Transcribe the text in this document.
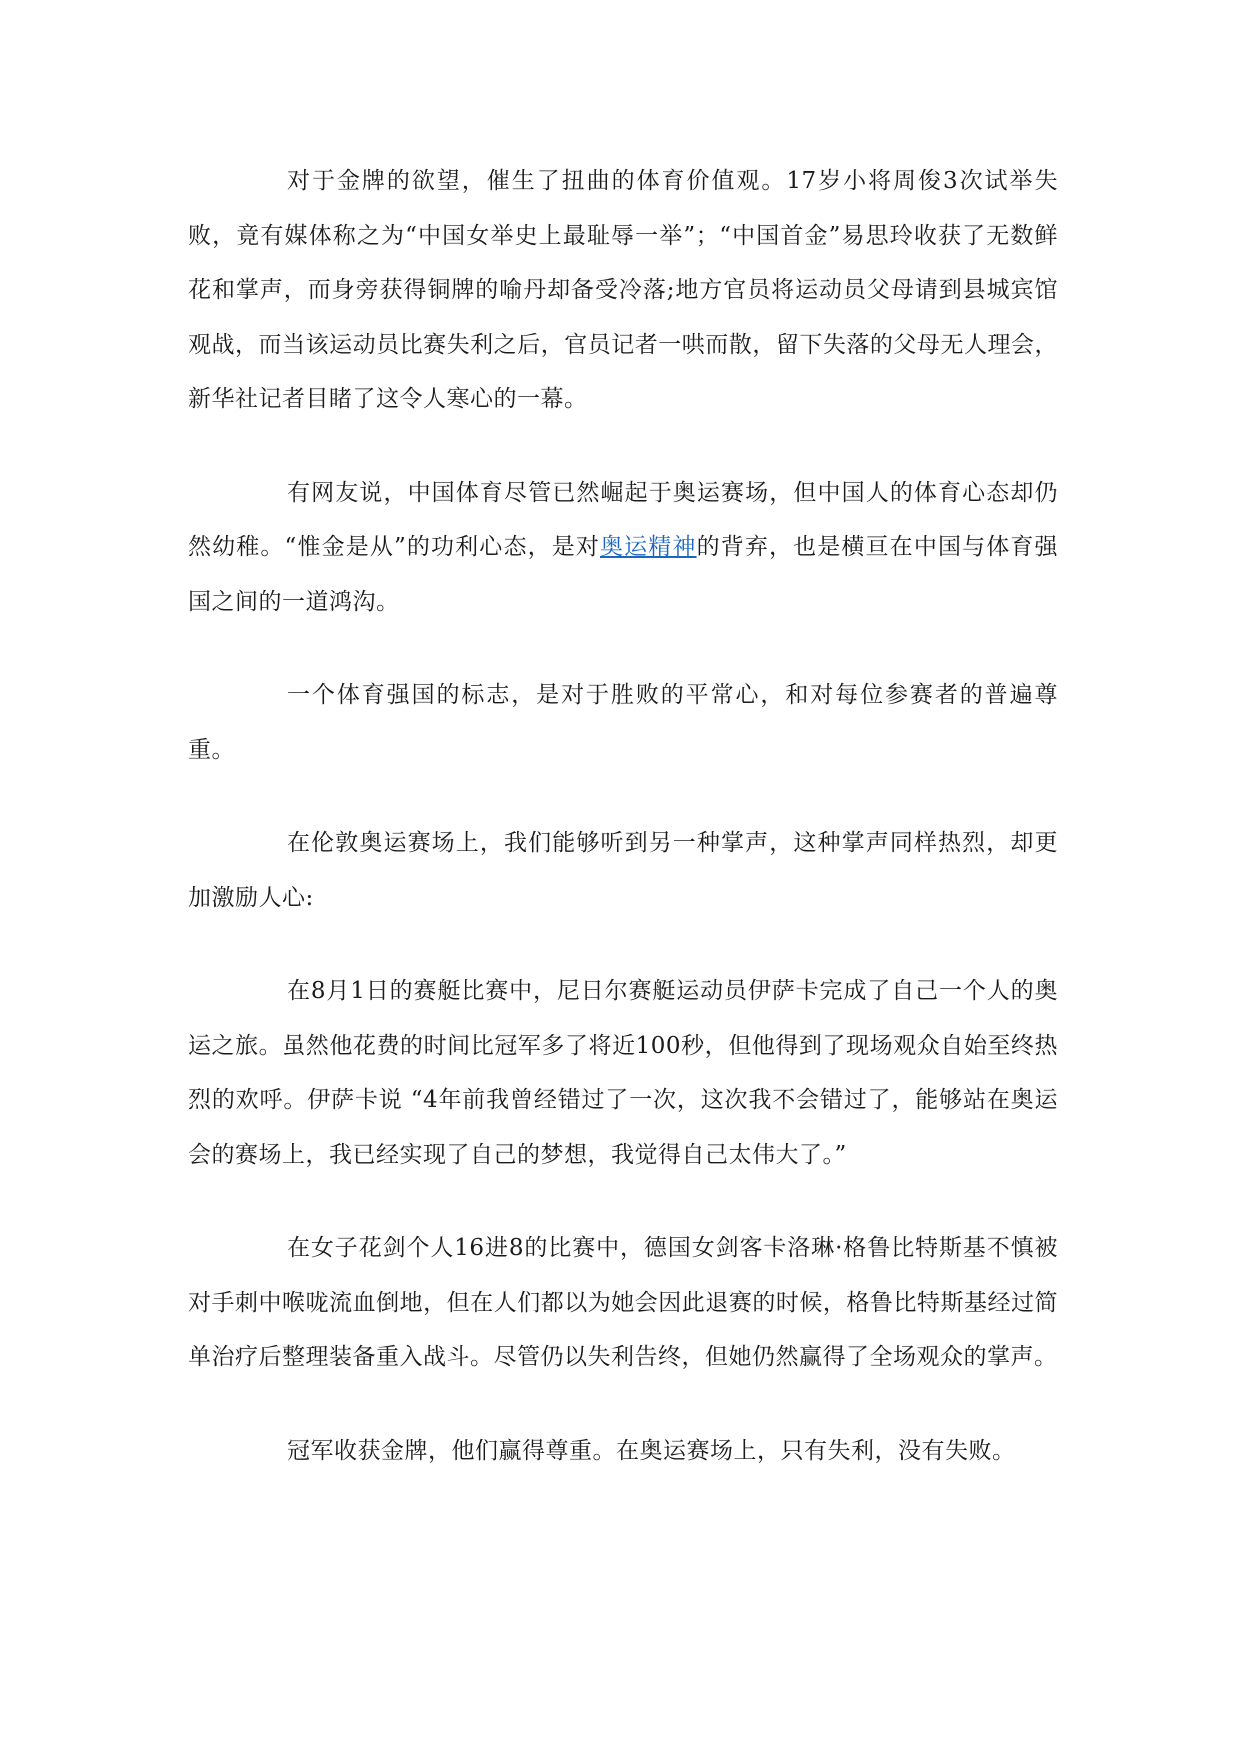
对于金牌的欲望，催生了扭曲的体育价值观。17岁小将周俊3次试举失败，竟有媒体称之为“中国女举史上最耻辱一举”；“中国首金”易思玲收获了无数鲜花和掌声，而身旁获得铜牌的喻丹却备受冷落;地方官员将运动员父母请到县城宾馆观战，而当该运动员比赛失利之后，官员记者一哄而散，留下失落的父母无人理会，新华社记者目睹了这令人寒心的一幕。

有网友说，中国体育尽管已然崛起于奥运赛场，但中国人的体育心态却仍然幼稚。“惟金是从”的功利心态，是对奥运精神的背弃，也是横亘在中国与体育强国之间的一道鸿沟。

一个体育强国的标志，是对于胜败的平常心，和对每位参赛者的普遍尊重。

在伦敦奥运赛场上，我们能够听到另一种掌声，这种掌声同样热烈，却更加激励人心:

在8月1日的赛艇比赛中，尼日尔赛艇运动员伊萨卡完成了自己一个人的奥运之旅。虽然他花费的时间比冠军多了将近100秒，但他得到了现场观众自始至终热烈的欢呼。伊萨卡说 “4年前我曾经错过了一次，这次我不会错过了，能够站在奥运会的赛场上，我已经实现了自己的梦想，我觉得自己太伟大了。”

在女子花剑个人16进8的比赛中，德国女剑客卡洛琳·格鲁比特斯基不慎被对手刺中喉咙流血倒地，但在人们都以为她会因此退赛的时候，格鲁比特斯基经过简单治疗后整理装备重入战斗。尽管仍以失利告终，但她仍然赢得了全场观众的掌声。

冠军收获金牌，他们赢得尊重。在奥运赛场上，只有失利，没有失败。
